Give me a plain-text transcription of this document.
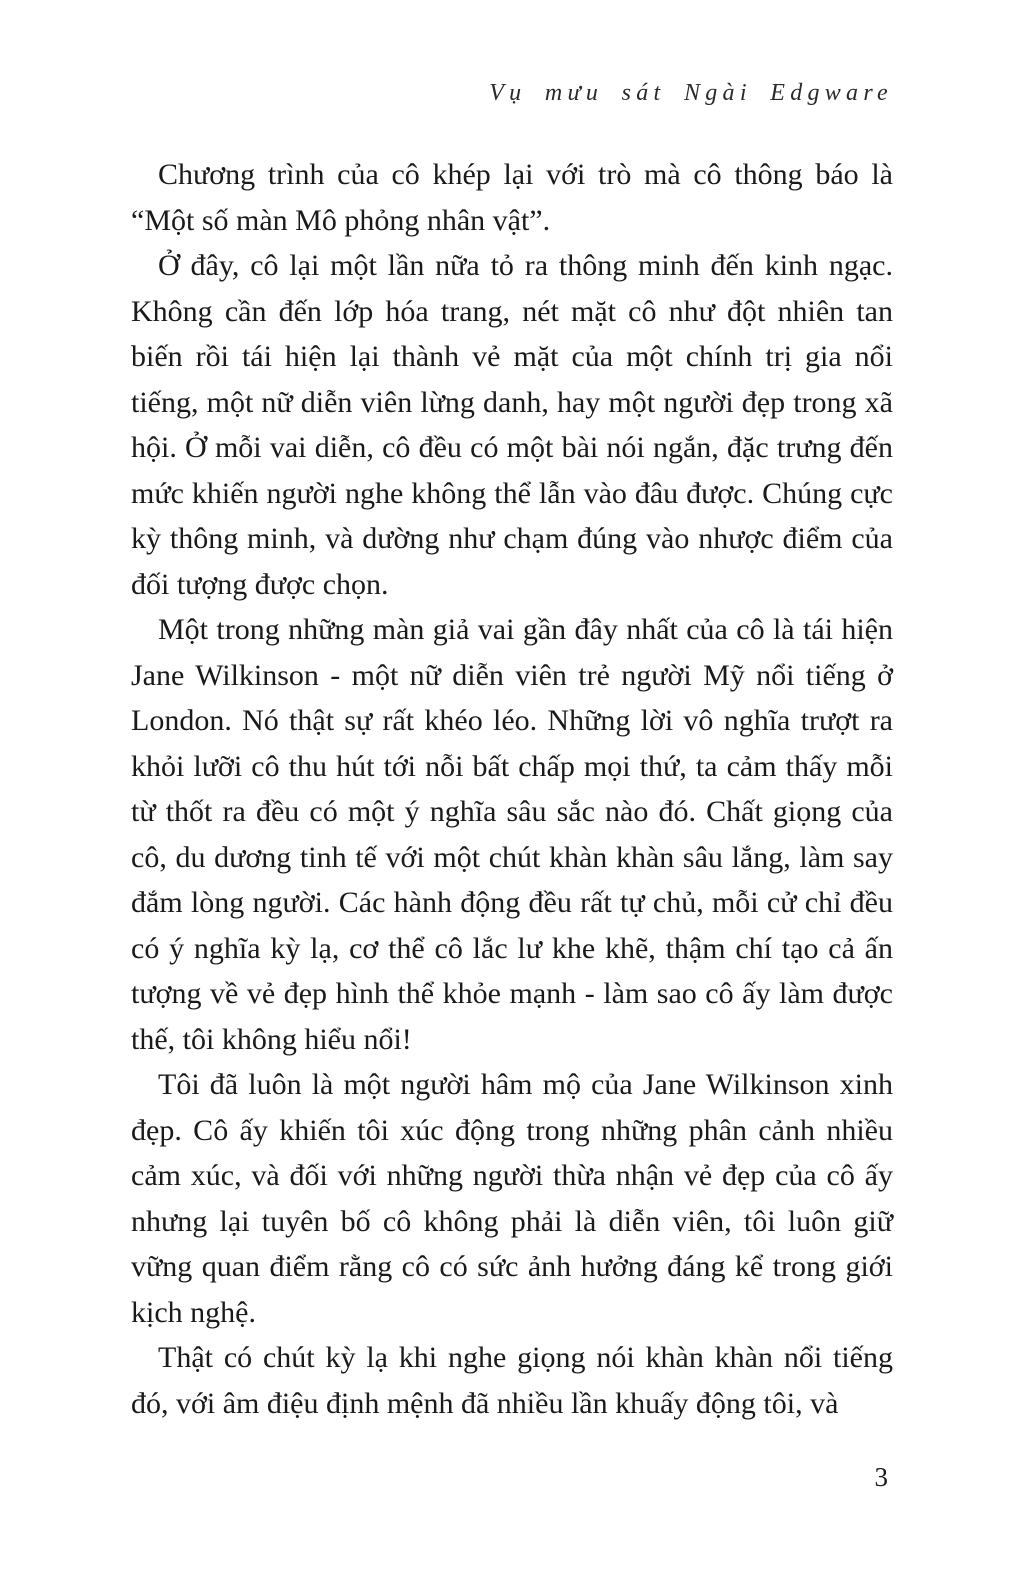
Vụ mưu sát Ngài Edgware

Chương trình của cô khép lại với trò mà cô thông báo là “Một số màn Mô phỏng nhân vật”.

Ở đây, cô lại một lần nữa tỏ ra thông minh đến kinh ngạc. Không cần đến lớp hóa trang, nét mặt cô như đột nhiên tan biến rồi tái hiện lại thành vẻ mặt của một chính trị gia nổi tiếng, một nữ diễn viên lừng danh, hay một người đẹp trong xã hội. Ở mỗi vai diễn, cô đều có một bài nói ngắn, đặc trưng đến mức khiến người nghe không thể lẫn vào đâu được. Chúng cực kỳ thông minh, và dường như chạm đúng vào nhược điểm của đối tượng được chọn.

Một trong những màn giả vai gần đây nhất của cô là tái hiện Jane Wilkinson - một nữ diễn viên trẻ người Mỹ nổi tiếng ở London. Nó thật sự rất khéo léo. Những lời vô nghĩa trượt ra khỏi lưỡi cô thu hút tới nỗi bất chấp mọi thứ, ta cảm thấy mỗi từ thốt ra đều có một ý nghĩa sâu sắc nào đó. Chất giọng của cô, du dương tinh tế với một chút khàn khàn sâu lắng, làm say đắm lòng người. Các hành động đều rất tự chủ, mỗi cử chỉ đều có ý nghĩa kỳ lạ, cơ thể cô lắc lư khe khẽ, thậm chí tạo cả ấn tượng về vẻ đẹp hình thể khỏe mạnh - làm sao cô ấy làm được thế, tôi không hiểu nổi!

Tôi đã luôn là một người hâm mộ của Jane Wilkinson xinh đẹp. Cô ấy khiến tôi xúc động trong những phân cảnh nhiều cảm xúc, và đối với những người thừa nhận vẻ đẹp của cô ấy nhưng lại tuyên bố cô không phải là diễn viên, tôi luôn giữ vững quan điểm rằng cô có sức ảnh hưởng đáng kể trong giới kịch nghệ.

Thật có chút kỳ lạ khi nghe giọng nói khàn khàn nổi tiếng đó, với âm điệu định mệnh đã nhiều lần khuấy động tôi, và

3
